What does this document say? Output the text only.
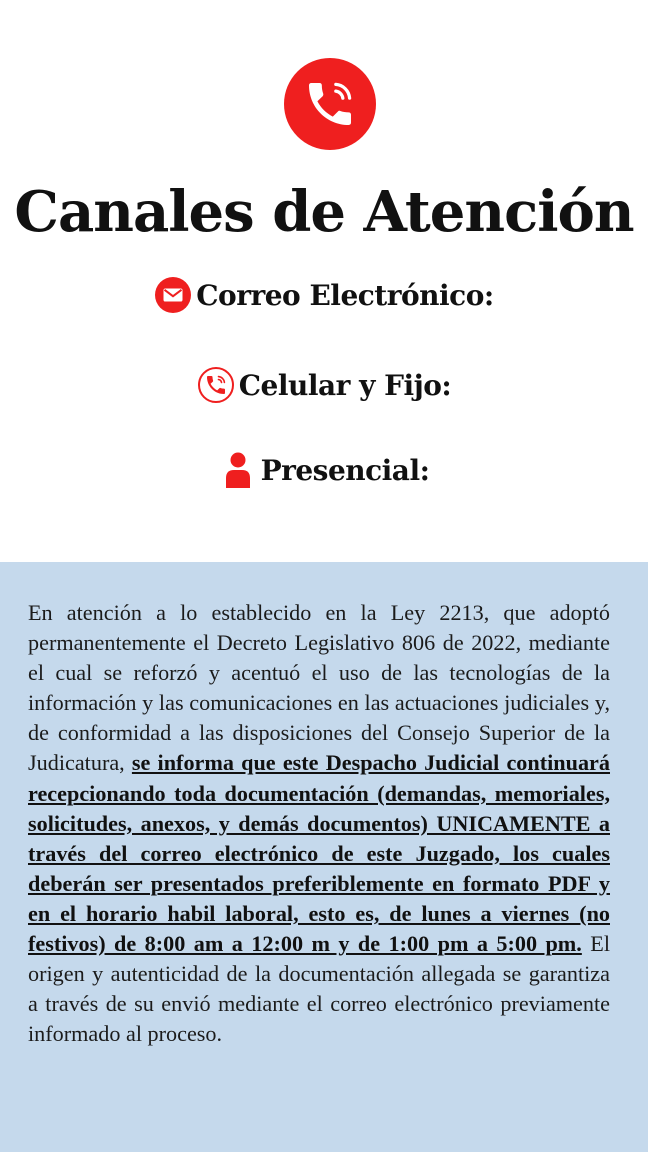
Canales de Atención
Correo Electrónico:
Celular y Fijo:
Presencial:
En atención a lo establecido en la Ley 2213, que adoptó permanentemente el Decreto Legislativo 806 de 2022, mediante el cual se reforzó y acentuó el uso de las tecnologías de la información y las comunicaciones en las actuaciones judiciales y, de conformidad a las disposiciones del Consejo Superior de la Judicatura, se informa que este Despacho Judicial continuará recepcionando toda documentación (demandas, memoriales, solicitudes, anexos, y demás documentos) UNICAMENTE a través del correo electrónico de este Juzgado, los cuales deberán ser presentados preferiblemente en formato PDF y en el horario habil laboral, esto es, de lunes a viernes (no festivos) de 8:00 am a 12:00 m y de 1:00 pm a 5:00 pm. El origen y autenticidad de la documentación allegada se garantiza a través de su envió mediante el correo electrónico previamente informado al proceso.
